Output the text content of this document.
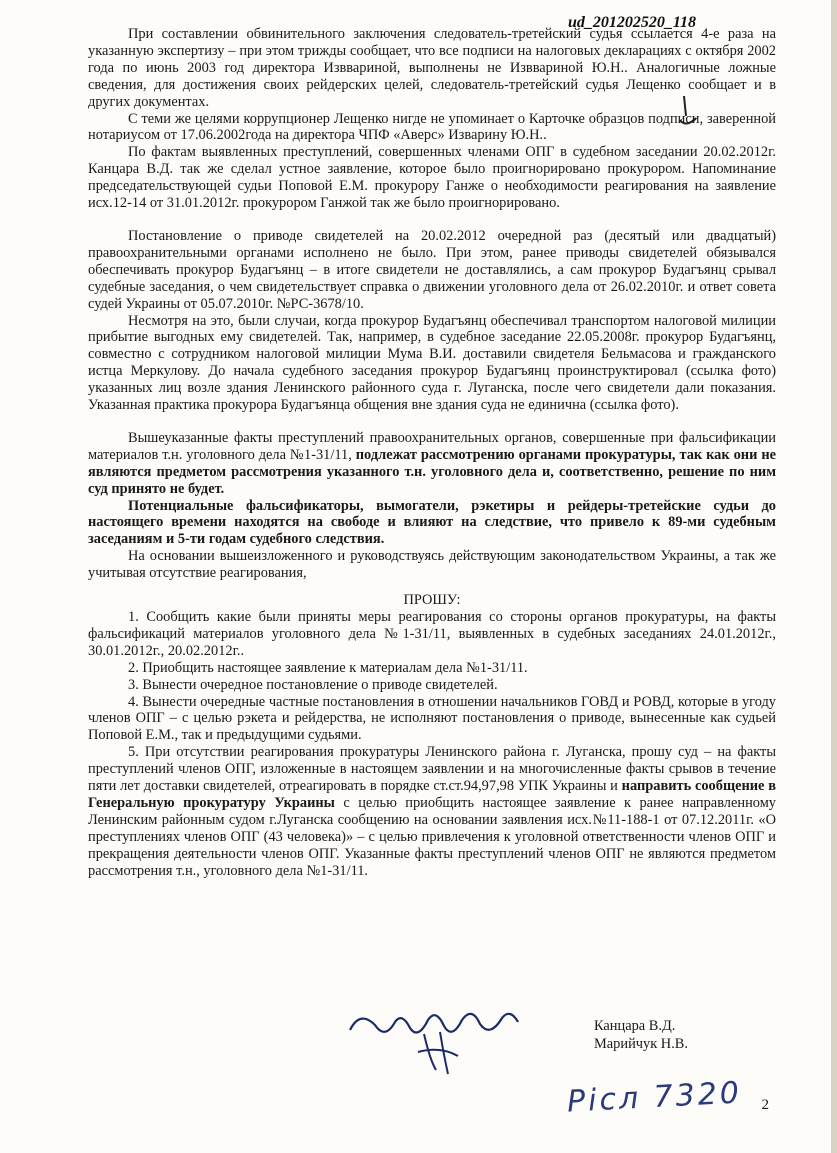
ud_201202520_118

При составлении обвинительного заключения следователь-третейский судья ссылается 4-е раза на указанную экспертизу – при этом трижды сообщает, что все подписи на налоговых декларациях с октября 2002 года по июнь 2003 год директора Изввариной, выполнены не Изввариной Ю.Н.. Аналогичные ложные сведения, для достижения своих рейдерских целей, следователь-третейский судья Лещенко сообщает и в других документах.

С теми же целями коррупционер Лещенко нигде не упоминает о Карточке образцов подписи, заверенной нотариусом от 17.06.2002года на директора ЧПФ «Аверс» Изварину Ю.Н..

По фактам выявленных преступлений, совершенных членами ОПГ в судебном заседании 20.02.2012г. Канцара В.Д. так же сделал устное заявление, которое было проигнорировано прокурором. Напоминание председательствующей судьи Поповой Е.М. прокурору Ганже о необходимости реагирования на заявление исх.12-14 от 31.01.2012г. прокурором Ганжой так же было проигнорировано.

Постановление о приводе свидетелей на 20.02.2012 очередной раз (десятый или двадцатый) правоохранительными органами исполнено не было. При этом, ранее приводы свидетелей обязывался обеспечивать прокурор Будагъянц – в итоге свидетели не доставлялись, а сам прокурор Будагъянц срывал судебные заседания, о чем свидетельствует справка о движении уголовного дела от 26.02.2010г. и ответ совета судей Украины от 05.07.2010г. №РС-3678/10.

Несмотря на это, были случаи, когда прокурор Будагъянц обеспечивал транспортом налоговой милиции прибытие выгодных ему свидетелей. Так, например, в судебное заседание 22.05.2008г. прокурор Будагъянц, совместно с сотрудником налоговой милиции Мума В.И. доставили свидетеля Бельмасова и гражданского истца Меркулову. До начала судебного заседания прокурор Будагъянц проинструктировал (ссылка фото) указанных лиц возле здания Ленинского районного суда г. Луганска, после чего свидетели дали показания. Указанная практика прокурора Будагъянца общения вне здания суда не единична (ссылка фото).

Вышеуказанные факты преступлений правоохранительных органов, совершенные при фальсификации материалов т.н. уголовного дела №1-31/11, подлежат рассмотрению органами прокуратуры, так как они не являются предметом рассмотрения указанного т.н. уголовного дела и, соответственно, решение по ним суд принято не будет.

Потенциальные фальсификаторы, вымогатели, рэкетиры и рейдеры-третейские судьи до настоящего времени находятся на свободе и влияют на следствие, что привело к 89-ми судебным заседаниям и 5-ти годам судебного следствия.

На основании вышеизложенного и руководствуясь действующим законодательством Украины, а так же учитывая отсутствие реагирования,

ПРОШУ:

1. Сообщить какие были приняты меры реагирования со стороны органов прокуратуры, на факты фальсификаций материалов уголовного дела №1-31/11, выявленных в судебных заседаниях 24.01.2012г., 30.01.2012г., 20.02.2012г..

2. Приобщить настоящее заявление к материалам дела №1-31/11.

3. Вынести очередное постановление о приводе свидетелей.

4. Вынести очередные частные постановления в отношении начальников ГОВД и РОВД, которые в угоду членов ОПГ – с целью рэкета и рейдерства, не исполняют постановления о приводе, вынесенные как судьей Поповой Е.М., так и предыдущими судьями.

5. При отсутствии реагирования прокуратуры Ленинского района г. Луганска, прошу суд – на факты преступлений членов ОПГ, изложенные в настоящем заявлении и на многочисленные факты срывов в течение пяти лет доставки свидетелей, отреагировать в порядке ст.ст.94,97,98 УПК Украины и направить сообщение в Генеральную прокуратуру Украины с целью приобщить настоящее заявление к ранее направленному Ленинским районным судом г.Луганска сообщению на основании заявления исх.№11-188-1 от 07.12.2011г. «О преступлениях членов ОПГ (43 человека)» – с целью привлечения к уголовной ответственности членов ОПГ и прекращения деятельности членов ОПГ. Указанные факты преступлений членов ОПГ не являются предметом рассмотрения т.н., уголовного дела №1-31/11.

Канцара В.Д.
Марийчук Н.В.
Рісл 7320 2
